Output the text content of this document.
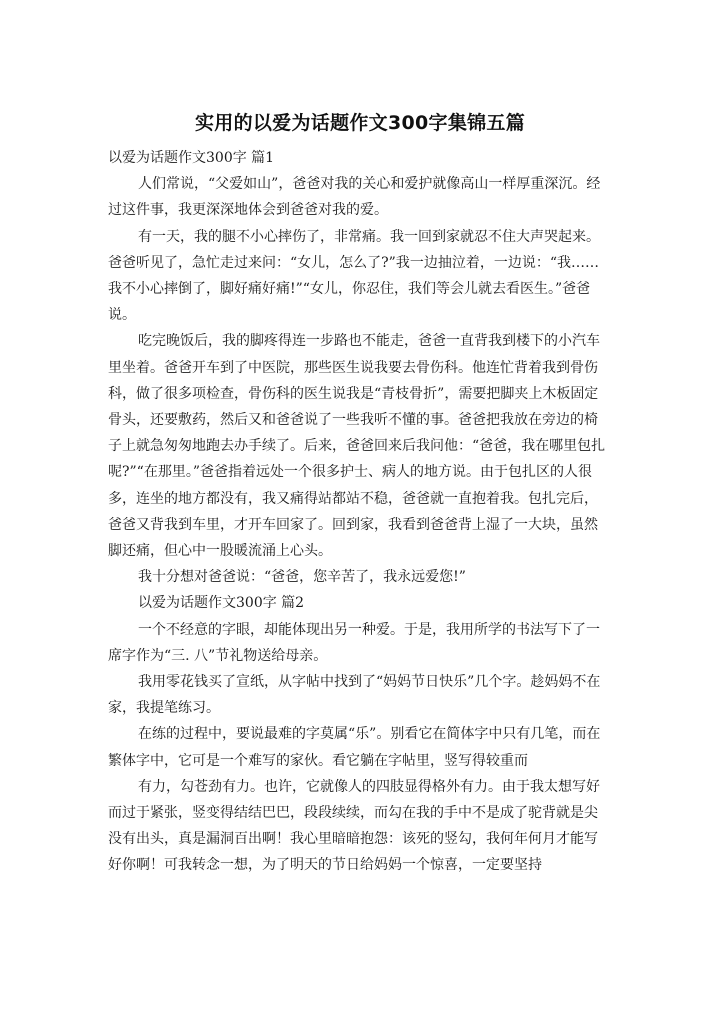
实用的以爱为话题作文300字集锦五篇

以爱为话题作文300字 篇1

人们常说，“父爱如山”，爸爸对我的关心和爱护就像高山一样厚重深沉。经过这件事，我更深深地体会到爸爸对我的爱。

有一天，我的腿不小心摔伤了，非常痛。我一回到家就忍不住大声哭起来。爸爸听见了，急忙走过来问：“女儿，怎么了?”我一边抽泣着，一边说：“我……我不小心摔倒了，脚好痛好痛!”“女儿，你忍住，我们等会儿就去看医生。”爸爸说。

吃完晚饭后，我的脚疼得连一步路也不能走，爸爸一直背我到楼下的小汽车里坐着。爸爸开车到了中医院，那些医生说我要去骨伤科。他连忙背着我到骨伤科，做了很多项检查，骨伤科的医生说我是“青枝骨折”，需要把脚夹上木板固定骨头，还要敷药，然后又和爸爸说了一些我听不懂的事。爸爸把我放在旁边的椅子上就急匆匆地跑去办手续了。后来，爸爸回来后我问他：“爸爸，我在哪里包扎呢?”“在那里。”爸爸指着远处一个很多护士、病人的地方说。由于包扎区的人很多，连坐的地方都没有，我又痛得站都站不稳，爸爸就一直抱着我。包扎完后，爸爸又背我到车里，才开车回家了。回到家，我看到爸爸背上湿了一大块，虽然脚还痛，但心中一股暖流涌上心头。

我十分想对爸爸说：“爸爸，您辛苦了，我永远爱您!”

以爱为话题作文300字 篇2

一个不经意的字眼，却能体现出另一种爱。于是，我用所学的书法写下了一席字作为“三. 八”节礼物送给母亲。

我用零花钱买了宣纸，从字帖中找到了“妈妈节日快乐”几个字。趁妈妈不在家，我提笔练习。

在练的过程中，要说最难的字莫属“乐”。别看它在简体字中只有几笔，而在繁体字中，它可是一个难写的家伙。看它躺在字帖里，竖写得较重而

有力，勾苍劲有力。也许，它就像人的四肢显得格外有力。由于我太想写好而过于紧张，竖变得结结巴巴，段段续续，而勾在我的手中不是成了驼背就是尖没有出头，真是漏洞百出啊！我心里暗暗抱怨：该死的竖勾，我何年何月才能写好你啊！可我转念一想，为了明天的节日给妈妈一个惊喜，一定要坚持
